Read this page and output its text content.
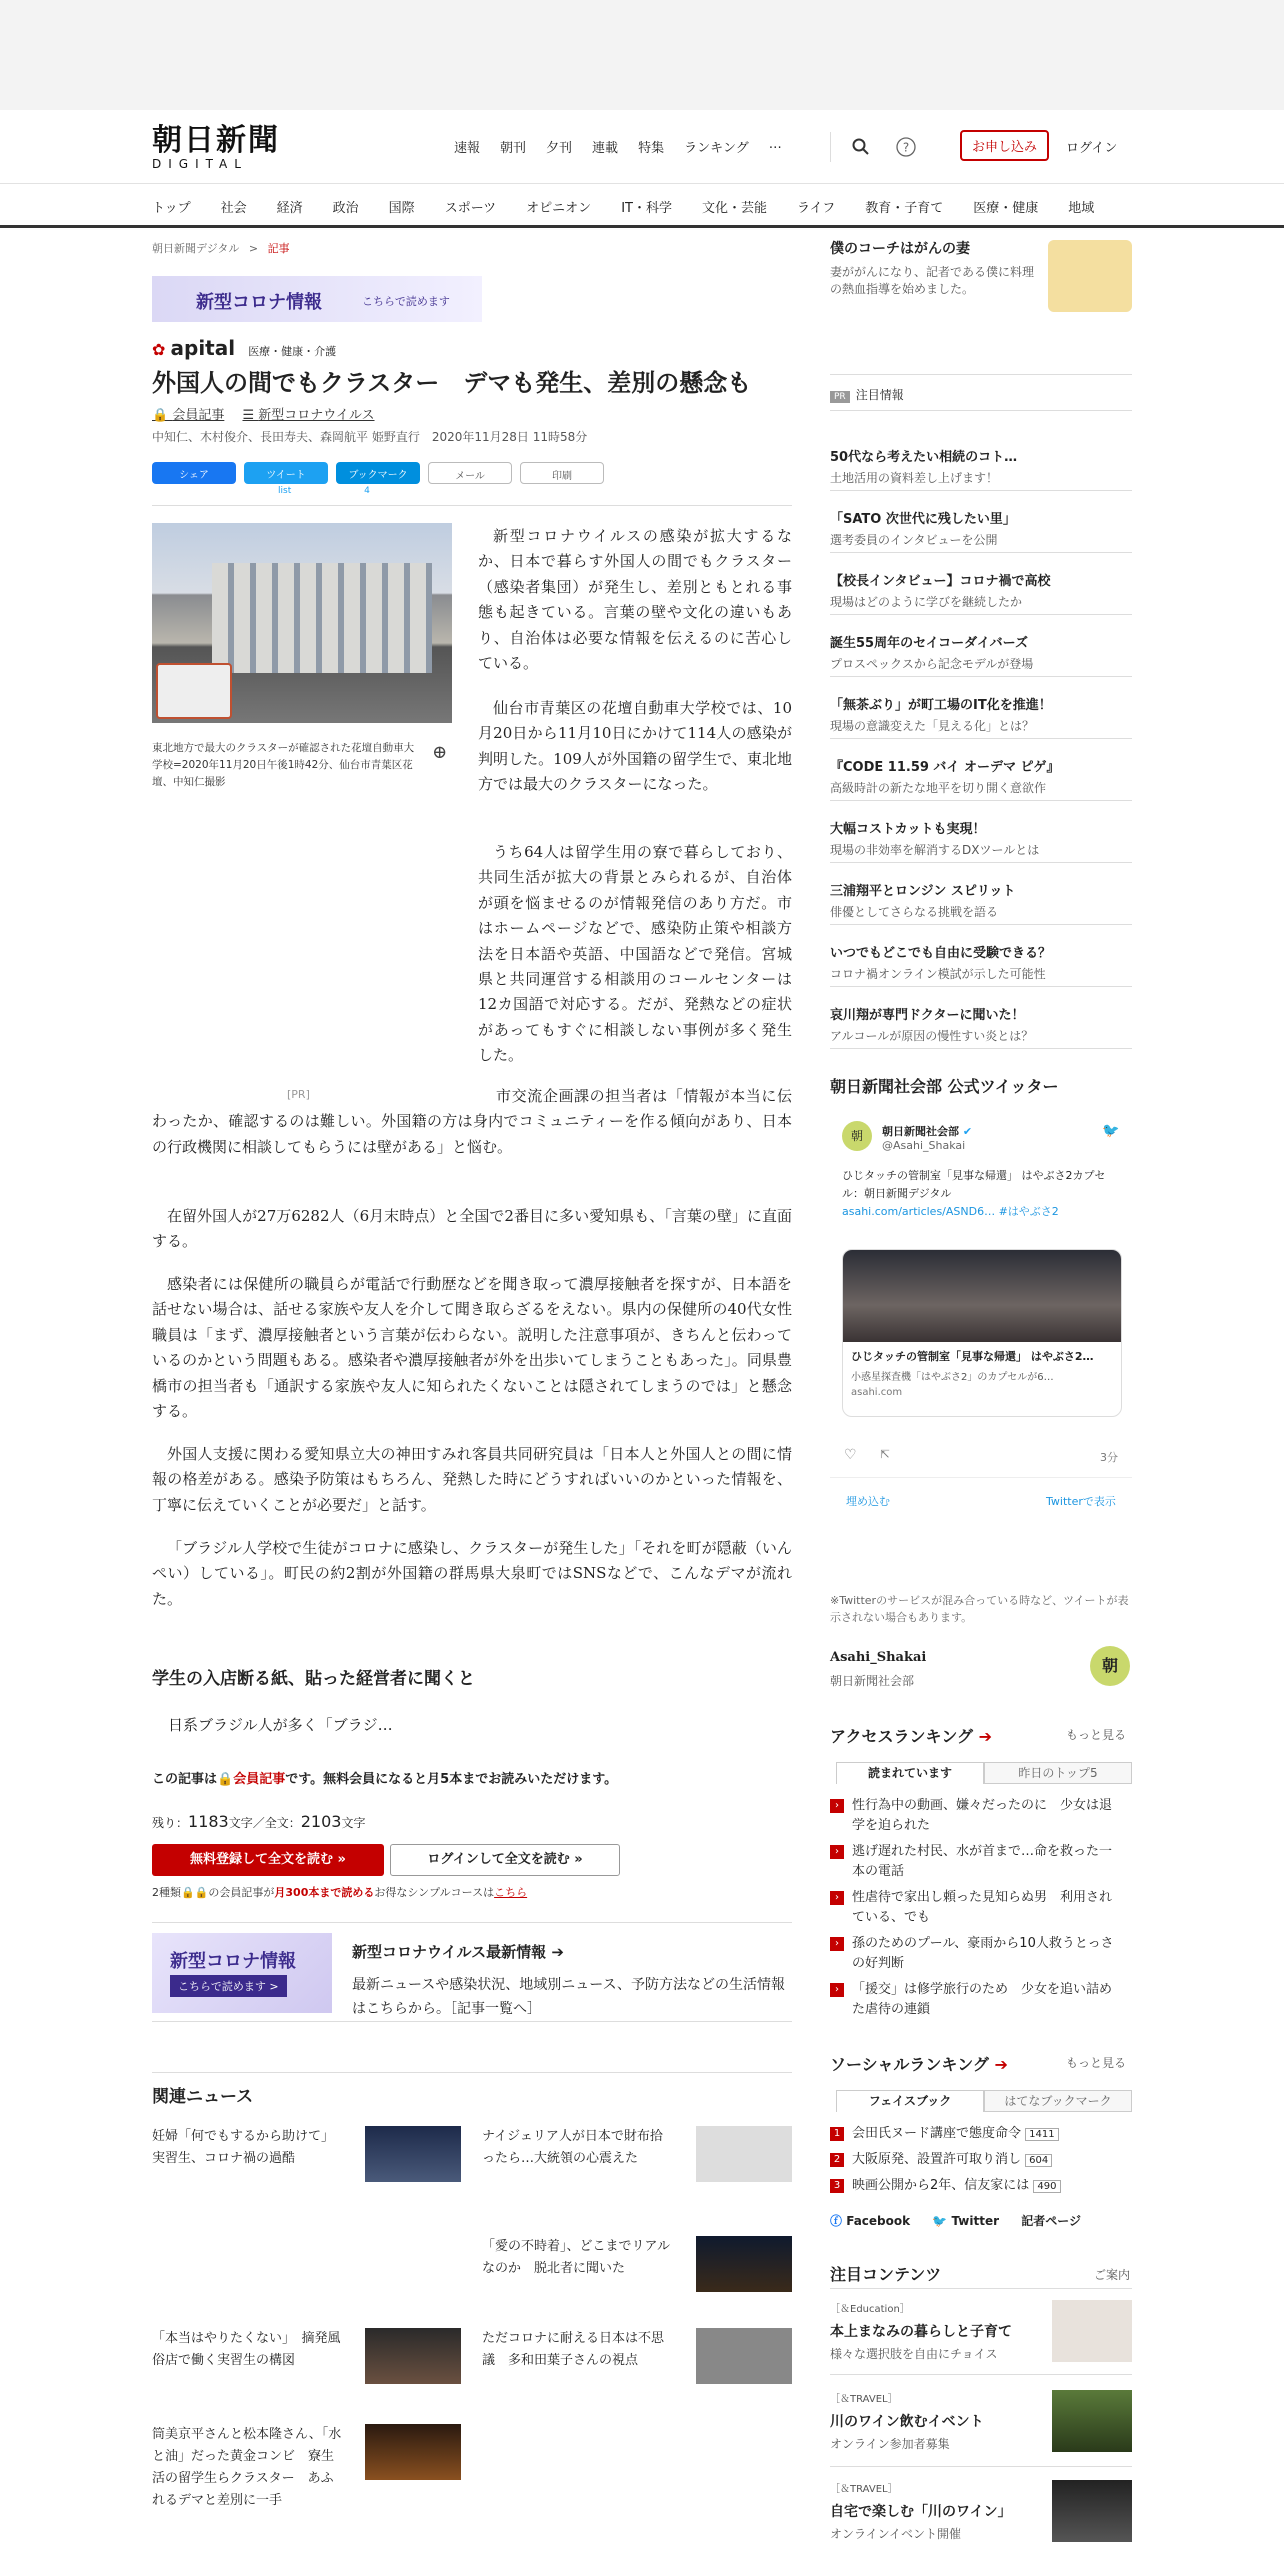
朝日新聞
DIGITAL
速報 朝刊 夕刊 連載 特集 ランキング …	?	お申し込み	ログイン
トップ 社会 経済 政治 国際 スポーツ オピニオン IT・科学 文化・芸能 ライフ 教育・子育て 医療・健康 地域
朝日新聞デジタル > 記事
新型コロナ情報	こちらで読めます
✿ apital 医療・健康・介護
外国人の間でもクラスター　デマも発生、差別の懸念も
🔒 会員記事 ☰ 新型コロナウイルス
中知仁、木村俊介、長田寿夫、森岡航平 姫野直行　2020年11月28日 11時58分
シェア	ツイート	ブックマーク	メール	印刷
list	4
東北地方で最大のクラスターが確認された花壇自動車大学校=2020年11月20日午後1時42分、仙台市青葉区花壇、中知仁撮影
⊕
[PR]

新型コロナウイルスの感染が拡大するなか、日本で暮らす外国人の間でもクラスター（感染者集団）が発生し、差別ともとれる事態も起きている。言葉の壁や文化の違いもあり、自治体は必要な情報を伝えるのに苦心している。

仙台市青葉区の花壇自動車大学校では、10月20日から11月10日にかけて114人の感染が判明した。109人が外国籍の留学生で、東北地方では最大のクラスターになった。

うち64人は留学生用の寮で暮らしており、共同生活が拡大の背景とみられるが、自治体が頭を悩ませるのが情報発信のあり方だ。市はホームページなどで、感染防止策や相談方法を日本語や英語、中国語などで発信。宮城県と共同運営する相談用のコールセンターは12カ国語で対応する。だが、発熱などの症状があってもすぐに相談しない事例が多く発生した。

市交流企画課の担当者は「情報が本当に伝わったか、確認するのは難しい。外国籍の方は身内でコミュニティーを作る傾向があり、日本の行政機関に相談してもらうには壁がある」と悩む。

在留外国人が27万6282人（6月末時点）と全国で2番目に多い愛知県も、「言葉の壁」に直面する。

感染者には保健所の職員らが電話で行動歴などを聞き取って濃厚接触者を探すが、日本語を話せない場合は、話せる家族や友人を介して聞き取らざるをえない。県内の保健所の40代女性職員は「まず、濃厚接触者という言葉が伝わらない。説明した注意事項が、きちんと伝わっているのかという問題もある。感染者や濃厚接触者が外を出歩いてしまうこともあった」。同県豊橋市の担当者も「通訳する家族や友人に知られたくないことは隠されてしまうのでは」と懸念する。

外国人支援に関わる愛知県立大の神田すみれ客員共同研究員は「日本人と外国人との間に情報の格差がある。感染予防策はもちろん、発熱した時にどうすればいいのかといった情報を、丁寧に伝えていくことが必要だ」と話す。

「ブラジル人学校で生徒がコロナに感染し、クラスターが発生した」「それを町が隠蔽（いんぺい）している」。町民の約2割が外国籍の群馬県大泉町ではSNSなどで、こんなデマが流れた。

学生の入店断る紙、貼った経営者に聞くと

日系ブラジル人が多く「ブラジ…

この記事は🔒会員記事です。無料会員になると月5本までお読みいただけます。
残り：1183文字／全文：2103文字
無料登録して全文を読む »	ログインして全文を読む »
2種類🔒🔒の会員記事が月300本まで読めるお得なシンプルコースはこちら
新型コロナ情報
こちらで読めます >
新型コロナウイルス最新情報 ➔
最新ニュースや感染状況、地域別ニュース、予防方法などの生活情報はこちらから。［記事一覧へ］
関連ニュース
妊婦「何でもするから助けて」　実習生、コロナ禍の過酷
ナイジェリア人が日本で財布拾ったら…大統領の心震えた
「愛の不時着」、どこまでリアルなのか　脱北者に聞いた
「本当はやりたくない」　摘発風俗店で働く実習生の構図
ただコロナに耐える日本は不思議　多和田葉子さんの視点
筒美京平さんと松本隆さん、「水と油」だった黄金コンビ　寮生活の留学生らクラスター　あふれるデマと差別に一手
僕のコーチはがんの妻
妻ががんになり、記者である僕に料理の熱血指導を始めました。
PR 注目情報
50代なら考えたい相続のコト…
土地活用の資料差し上げます！
「SATO 次世代に残したい里」
選考委員のインタビューを公開
【校長インタビュー】コロナ禍で高校
現場はどのように学びを継続したか
誕生55周年のセイコーダイバーズ
プロスペックスから記念モデルが登場
「無茶ぶり」が町工場のIT化を推進！
現場の意識変えた「見える化」とは？
『CODE 11.59 バイ オーデマ ピゲ』
高級時計の新たな地平を切り開く意欲作
大幅コストカットも実現！
現場の非効率を解消するDXツールとは
三浦翔平とロンジン スピリット
俳優としてさらなる挑戦を語る
いつでもどこでも自由に受験できる？
コロナ禍オンライン模試が示した可能性
哀川翔が専門ドクターに聞いた！
アルコールが原因の慢性すい炎とは？
朝日新聞社会部 公式ツイッター
朝	朝日新聞社会部 ✔
@Asahi_Shakai
🐦
ひじタッチの管制室「見事な帰還」 はやぶさ2カプセル：朝日新聞デジタル
asahi.com/articles/ASND6… #はやぶさ2
ひじタッチの管制室「見事な帰還」 はやぶさ2…
小惑星探査機「はやぶさ2」のカプセルが6…
asahi.com
♡ ⇱	3分
埋め込む	Twitterで表示
※Twitterのサービスが混み合っている時など、ツイートが表示されない場合もあります。
Asahi_Shakai
朝日新聞社会部
朝
アクセスランキング ➔	もっと見る
読まれています	昨日のトップ5
› 性行為中の動画、嫌々だったのに　少女は退学を迫られた
› 逃げ遅れた村民、水が首まで…命を救った一本の電話
› 性虐待で家出し頼った見知らぬ男　利用されている、でも
› 孫のためのプール、豪雨から10人救うとっさの好判断
› 「援交」は修学旅行のため　少女を追い詰めた虐待の連鎖
ソーシャルランキング ➔	もっと見る
フェイスブック	はてなブックマーク
1 会田氏ヌード講座で態度命令 1411
2 大阪原発、設置許可取り消し 604
3 映画公開から2年、信友家には 490
ⓕ Facebook 🐦 Twitter 記者ページ
注目コンテンツ	ご案内
［＆Education］
本上まなみの暮らしと子育て
様々な選択肢を自由にチョイス
［＆TRAVEL］
川のワイン飲むイベント
オンライン参加者募集
［＆TRAVEL］
自宅で楽しむ「川のワイン」
オンラインイベント開催
